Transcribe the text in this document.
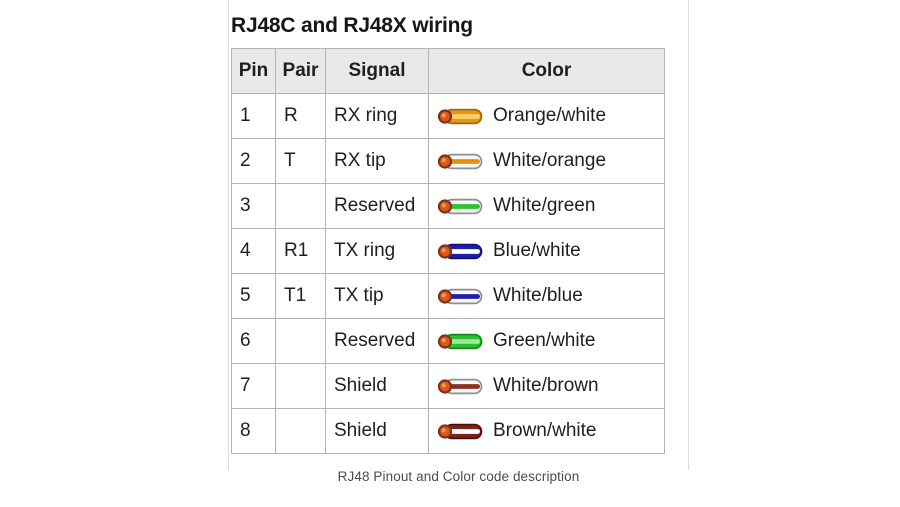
RJ48C and RJ48X wiring
Pin	Pair	Signal	Color
1	R	RX ring	Orange/white

2	T	RX tip	White/orange

3		Reserved	White/green

4	R1	TX ring	Blue/white

5	T1	TX tip	White/blue

6		Reserved	Green/white

7		Shield	White/brown

8		Shield	Brown/white
RJ48 Pinout and Color code description
